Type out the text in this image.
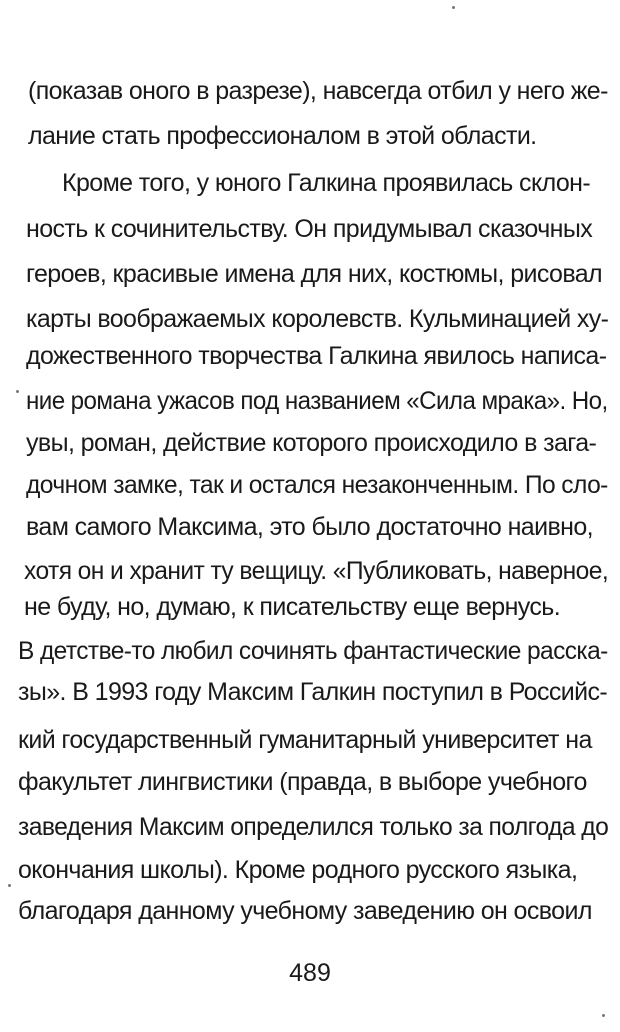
(показав оного в разрезе), навсегда отбил у него же-
лание стать профессионалом в этой области.
Кроме того, у юного Галкина проявилась склон-
ность к сочинительству. Он придумывал сказочных
героев, красивые имена для них, костюмы, рисовал
карты воображаемых королевств. Кульминацией ху-
дожественного творчества Галкина явилось написа-
ние романа ужасов под названием «Сила мрака». Но,
увы, роман, действие которого происходило в зага-
дочном замке, так и остался незаконченным. По сло-
вам самого Максима, это было достаточно наивно,
хотя он и хранит ту вещицу. «Публиковать, наверное,
не буду, но, думаю, к писательству еще вернусь.
В детстве-то любил сочинять фантастические расска-
зы». В 1993 году Максим Галкин поступил в Российс-
кий государственный гуманитарный университет на
факультет лингвистики (правда, в выборе учебного
заведения Максим определился только за полгода до
окончания школы). Кроме родного русского языка,
благодаря данному учебному заведению он освоил
489
